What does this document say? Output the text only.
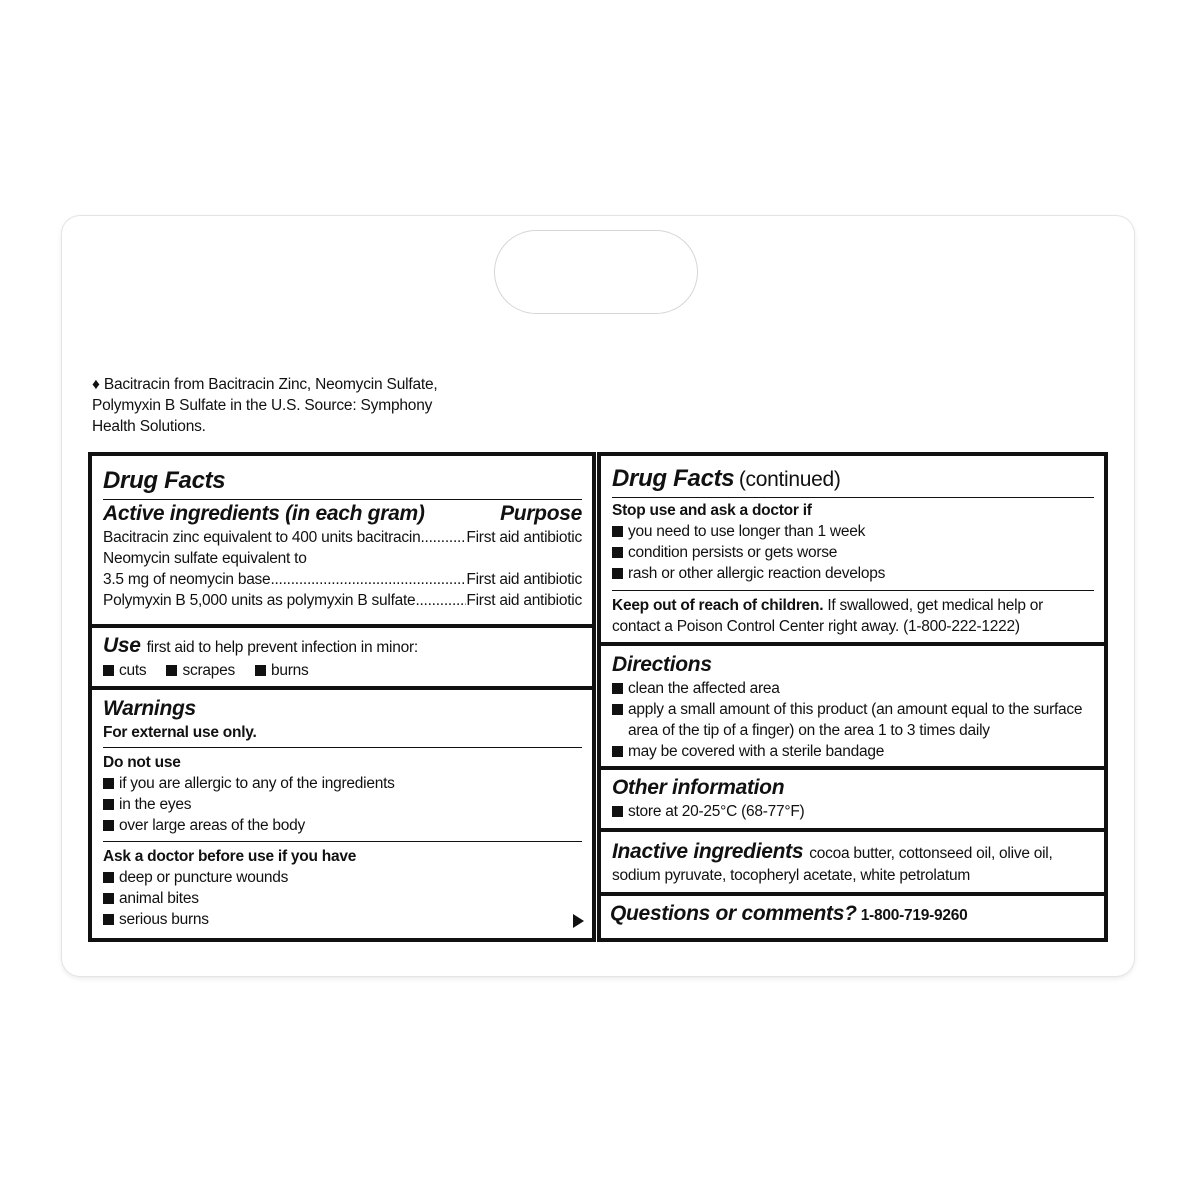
♦ Bacitracin from Bacitracin Zinc, Neomycin Sulfate,
Polymyxin B Sulfate in the U.S. Source: Symphony
Health Solutions.
Drug Facts
Active ingredients (in each gram)	Purpose
Bacitracin zinc equivalent to 400 units bacitracin .....	First aid antibiotic
Neomycin sulfate equivalent to
3.5 mg of neomycin base .....	First aid antibiotic
Polymyxin B 5,000 units as polymyxin B sulfate .....	First aid antibiotic
Use first aid to help prevent infection in minor:
cuts	scrapes	burns
Warnings
For external use only.
Do not use
if you are allergic to any of the ingredients
in the eyes
over large areas of the body
Ask a doctor before use if you have
deep or puncture wounds
animal bites
serious burns
Drug Facts (continued)
Stop use and ask a doctor if
you need to use longer than 1 week
condition persists or gets worse
rash or other allergic reaction develops
Keep out of reach of children. If swallowed, get medical help or
contact a Poison Control Center right away. (1-800-222-1222)
Directions
clean the affected area
apply a small amount of this product (an amount equal to the surface
area of the tip of a finger) on the area 1 to 3 times daily
may be covered with a sterile bandage
Other information
store at 20-25°C (68-77°F)
Inactive ingredients cocoa butter, cottonseed oil, olive oil,
sodium pyruvate, tocopheryl acetate, white petrolatum
Questions or comments? 1-800-719-9260
